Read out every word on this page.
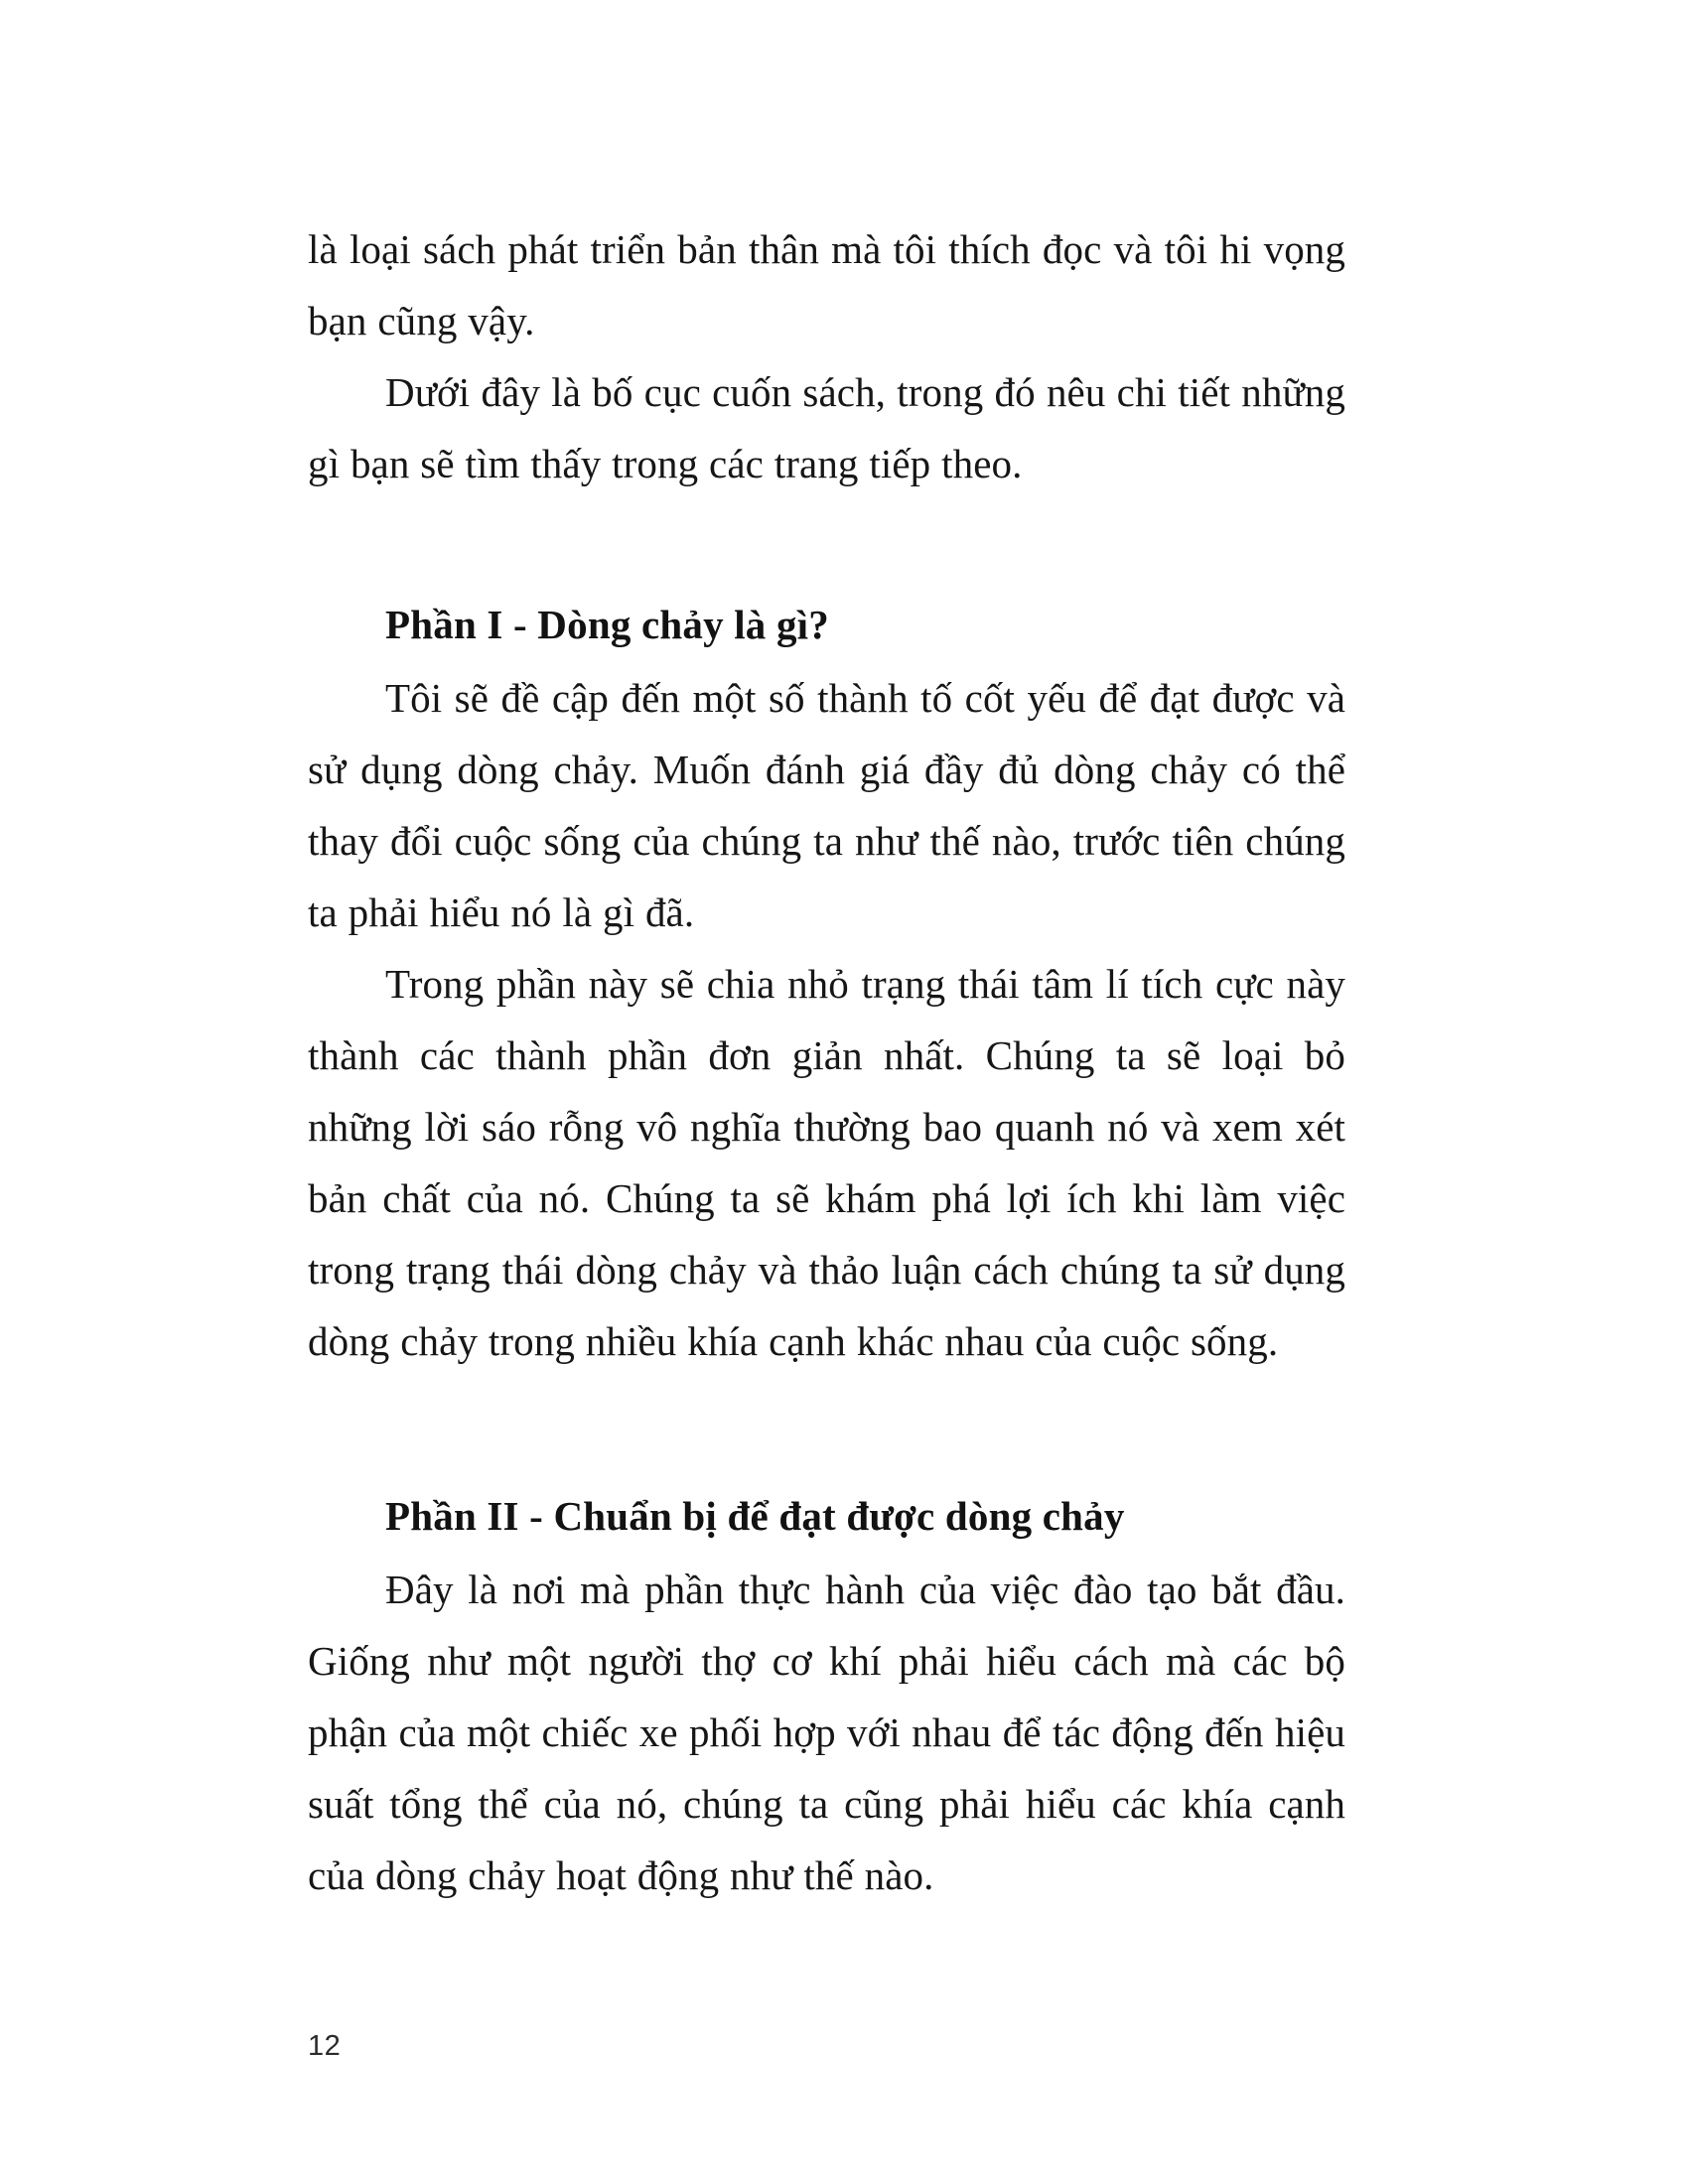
là loại sách phát triển bản thân mà tôi thích đọc và tôi hi vọng bạn cũng vậy.

Dưới đây là bố cục cuốn sách, trong đó nêu chi tiết những gì bạn sẽ tìm thấy trong các trang tiếp theo.

Phần I - Dòng chảy là gì?

Tôi sẽ đề cập đến một số thành tố cốt yếu để đạt được và sử dụng dòng chảy. Muốn đánh giá đầy đủ dòng chảy có thể thay đổi cuộc sống của chúng ta như thế nào, trước tiên chúng ta phải hiểu nó là gì đã.

Trong phần này sẽ chia nhỏ trạng thái tâm lí tích cực này thành các thành phần đơn giản nhất. Chúng ta sẽ loại bỏ những lời sáo rỗng vô nghĩa thường bao quanh nó và xem xét bản chất của nó. Chúng ta sẽ khám phá lợi ích khi làm việc trong trạng thái dòng chảy và thảo luận cách chúng ta sử dụng dòng chảy trong nhiều khía cạnh khác nhau của cuộc sống.

Phần II - Chuẩn bị để đạt được dòng chảy

Đây là nơi mà phần thực hành của việc đào tạo bắt đầu. Giống như một người thợ cơ khí phải hiểu cách mà các bộ phận của một chiếc xe phối hợp với nhau để tác động đến hiệu suất tổng thể của nó, chúng ta cũng phải hiểu các khía cạnh của dòng chảy hoạt động như thế nào.

12
